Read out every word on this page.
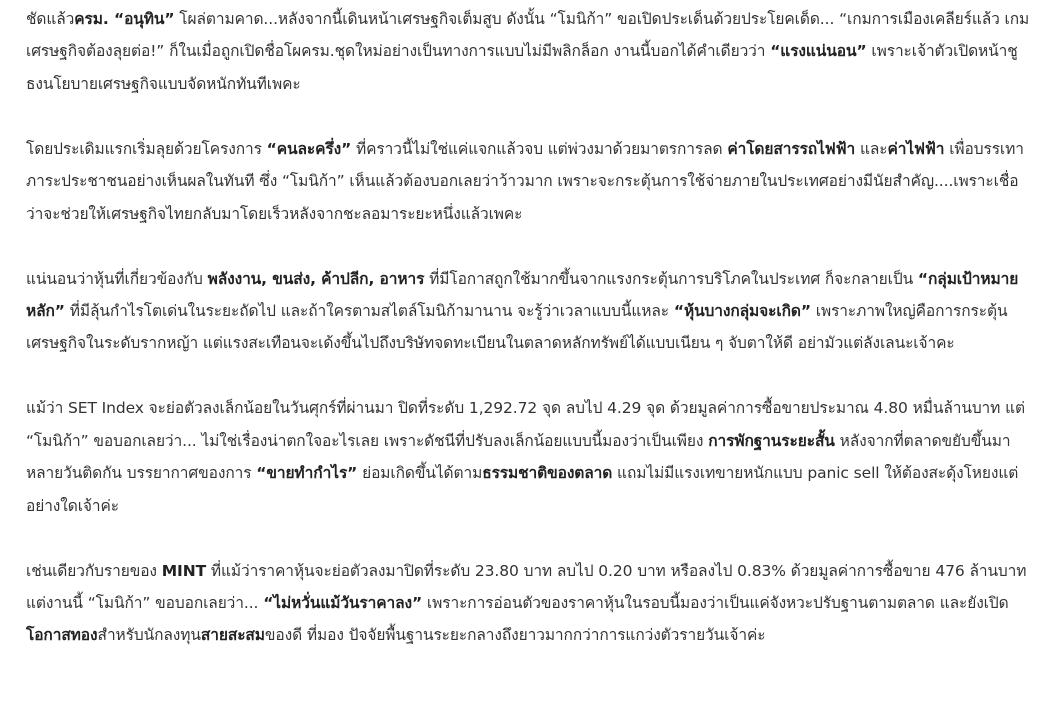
ชัดแล้วครม. “อนุทิน” โผล่ตามคาด...หลังจากนี้เดินหน้าเศรษฐกิจเต็มสูบ ดังนั้น “โมนิก้า” ขอเปิดประเด็นด้วยประโยคเด็ด... “เกมการเมืองเคลียร์แล้ว เกมเศรษฐกิจต้องลุยต่อ!” ก็ในเมื่อถูกเปิดชื่อโผครม.ชุดใหม่อย่างเป็นทางการแบบไม่มีพลิกล็อก งานนี้บอกได้คำเดียวว่า “แรงแน่นอน” เพราะเจ้าตัวเปิดหน้าชูธงนโยบายเศรษฐกิจแบบจัดหนักทันทีเพคะ

โดยประเดิมแรกเริ่มลุยด้วยโครงการ “คนละครึ่ง” ที่คราวนี้ไม่ใช่แค่แจกแล้วจบ แต่พ่วงมาด้วยมาตรการลด ค่าโดยสารรถไฟฟ้า และค่าไฟฟ้า เพื่อบรรเทาภาระประชาชนอย่างเห็นผลในทันที ซึ่ง “โมนิก้า” เห็นแล้วต้องบอกเลยว่าว้าวมาก เพราะจะกระตุ้นการใช้จ่ายภายในประเทศอย่างมีนัยสำคัญ....เพราะเชื่อว่าจะช่วยให้เศรษฐกิจไทยกลับมาโดยเร็วหลังจากชะลอมาระยะหนึ่งแล้วเพคะ

แน่นอนว่าหุ้นที่เกี่ยวข้องกับ พลังงาน, ขนส่ง, ค้าปลีก, อาหาร ที่มีโอกาสถูกใช้มากขึ้นจากแรงกระตุ้นการบริโภคในประเทศ ก็จะกลายเป็น “กลุ่มเป้าหมายหลัก” ที่มีลุ้นกำไรโตเด่นในระยะถัดไป และถ้าใครตามสไตล์โมนิก้ามานาน จะรู้ว่าเวลาแบบนี้แหละ “หุ้นบางกลุ่มจะเกิด” เพราะภาพใหญ่คือการกระตุ้นเศรษฐกิจในระดับรากหญ้า แต่แรงสะเทือนจะเด้งขึ้นไปถึงบริษัทจดทะเบียนในตลาดหลักทรัพย์ได้แบบเนียน ๆ จับตาให้ดี อย่ามัวแต่ลังเลนะเจ้าคะ

แม้ว่า SET Index จะย่อตัวลงเล็กน้อยในวันศุกร์ที่ผ่านมา ปิดที่ระดับ 1,292.72 จุด ลบไป 4.29 จุด ด้วยมูลค่าการซื้อขายประมาณ 4.80 หมื่นล้านบาท แต่ “โมนิก้า” ขอบอกเลยว่า... ไม่ใช่เรื่องน่าตกใจอะไรเลย เพราะดัชนีที่ปรับลงเล็กน้อยแบบนี้มองว่าเป็นเพียง การพักฐานระยะสั้น หลังจากที่ตลาดขยับขึ้นมาหลายวันติดกัน บรรยากาศของการ “ขายทำกำไร” ย่อมเกิดขึ้นได้ตามธรรมชาติของตลาด แถมไม่มีแรงเทขายหนักแบบ panic sell ให้ต้องสะดุ้งโหยงแต่อย่างใดเจ้าค่ะ

เช่นเดียวกับรายของ MINT ที่แม้ว่าราคาหุ้นจะย่อตัวลงมาปิดที่ระดับ 23.80 บาท ลบไป 0.20 บาท หรือลงไป 0.83% ด้วยมูลค่าการซื้อขาย 476 ล้านบาท แต่งานนี้ “โมนิก้า” ขอบอกเลยว่า... “ไม่หวั่นแม้วันราคาลง” เพราะการอ่อนตัวของราคาหุ้นในรอบนี้มองว่าเป็นแค่จังหวะปรับฐานตามตลาด และยังเปิดโอกาสทองสำหรับนักลงทุนสายสะสมของดี ที่มอง ปัจจัยพื้นฐานระยะกลางถึงยาวมากกว่าการแกว่งตัวรายวันเจ้าค่ะ
